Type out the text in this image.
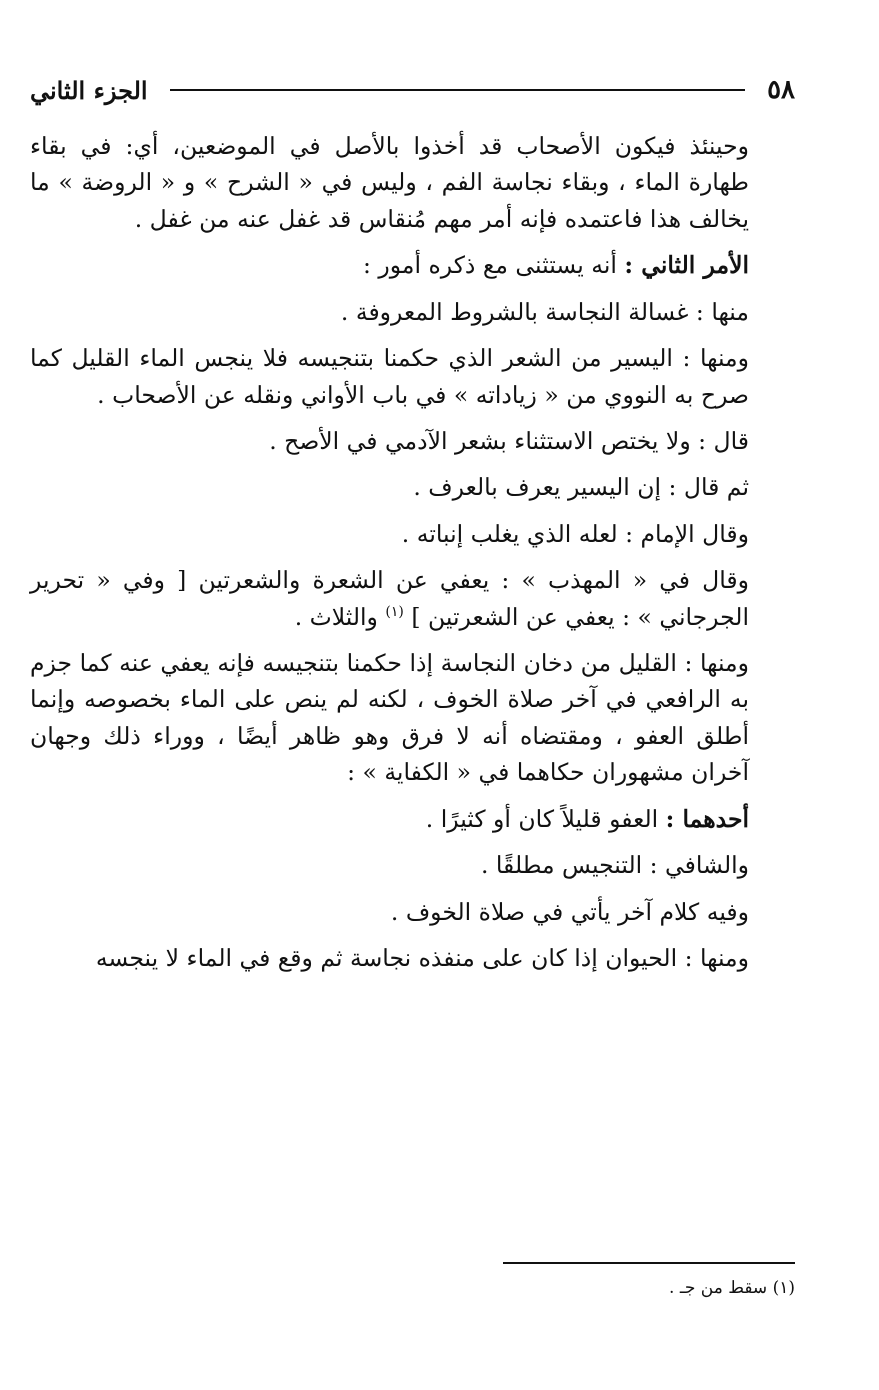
٥٨
الجزء الثاني

وحينئذ فيكون الأصحاب قد أخذوا بالأصل في الموضعين، أي: في بقاء طهارة الماء ، وبقاء نجاسة الفم ، وليس في « الشرح » و « الروضة » ما يخالف هذا فاعتمده فإنه أمر مهم مُنقاس قد غفل عنه من غفل .

الأمر الثاني : أنه يستثنى مع ذكره أمور :

منها : غسالة النجاسة بالشروط المعروفة .

ومنها : اليسير من الشعر الذي حكمنا بتنجيسه فلا ينجس الماء القليل كما صرح به النووي من « زياداته » في باب الأواني ونقله عن الأصحاب .

قال : ولا يختص الاستثناء بشعر الآدمي في الأصح .

ثم قال : إن اليسير يعرف بالعرف .

وقال الإمام : لعله الذي يغلب إنباته .

وقال في « المهذب » : يعفي عن الشعرة والشعرتين [ وفي « تحرير الجرجاني » : يعفي عن الشعرتين ] $^{(١)}$ والثلاث .

ومنها : القليل من دخان النجاسة إذا حكمنا بتنجيسه فإنه يعفي عنه كما جزم به الرافعي في آخر صلاة الخوف ، لكنه لم ينص على الماء بخصوصه وإنما أطلق العفو ، ومقتضاه أنه لا فرق وهو ظاهر أيضًا ، ووراء ذلك وجهان آخران مشهوران حكاهما في « الكفاية » :

أحدهما : العفو قليلاً كان أو كثيرًا .

والشافي : التنجيس مطلقًا .

وفيه كلام آخر يأتي في صلاة الخوف .

ومنها : الحيوان إذا كان على منفذه نجاسة ثم وقع في الماء لا ينجسه

(١) سقط من جـ .
